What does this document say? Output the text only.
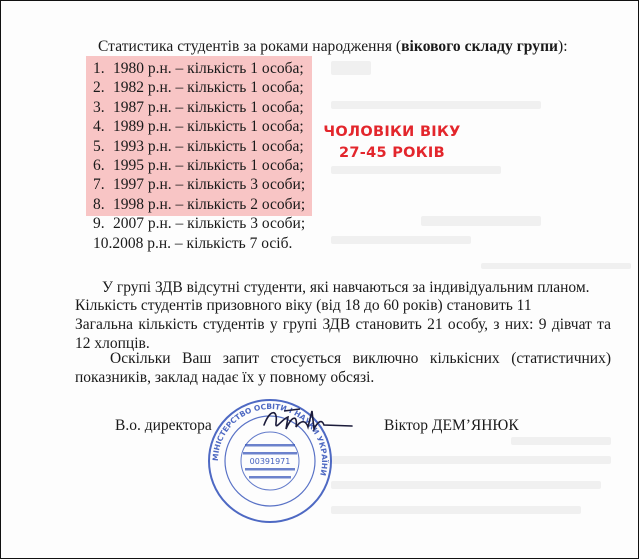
Статистика студентів за роками народження (вікового складу групи):
1. 1980 р.н. – кількість 1 особа;
2. 1982 р.н. – кількість 1 особа;
3. 1987 р.н. – кількість 1 особа;
4. 1989 р.н. – кількість 1 особа;
5. 1993 р.н. – кількість 1 особа;
6. 1995 р.н. – кількість 1 особа;
7. 1997 р.н. – кількість 3 особи;
8. 1998 р.н. – кількість 2 особи;
9. 2007 р.н. – кількість 3 особи;
10.2008 р.н. – кількість 7 осіб.
ЧОЛОВІКИ ВІКУ
27-45 РОКІВ
У групі ЗДВ відсутні студенти, які навчаються за індивідуальним планом.
Кількість студентів призовного віку (від 18 до 60 років) становить 11
Загальна кількість студентів у групі ЗДВ становить 21 особу, з них: 9 дівчат та 12 хлопців.
Оскільки Ваш запит стосується виключно кількісних (статистичних) показників, заклад надає їх у повному обсязі.
МІНІСТЕРСТВО ОСВІТИ І НАУКИ УКРАЇНИ
00391971
В.о. директора	Віктор ДЕМ’ЯНЮК
